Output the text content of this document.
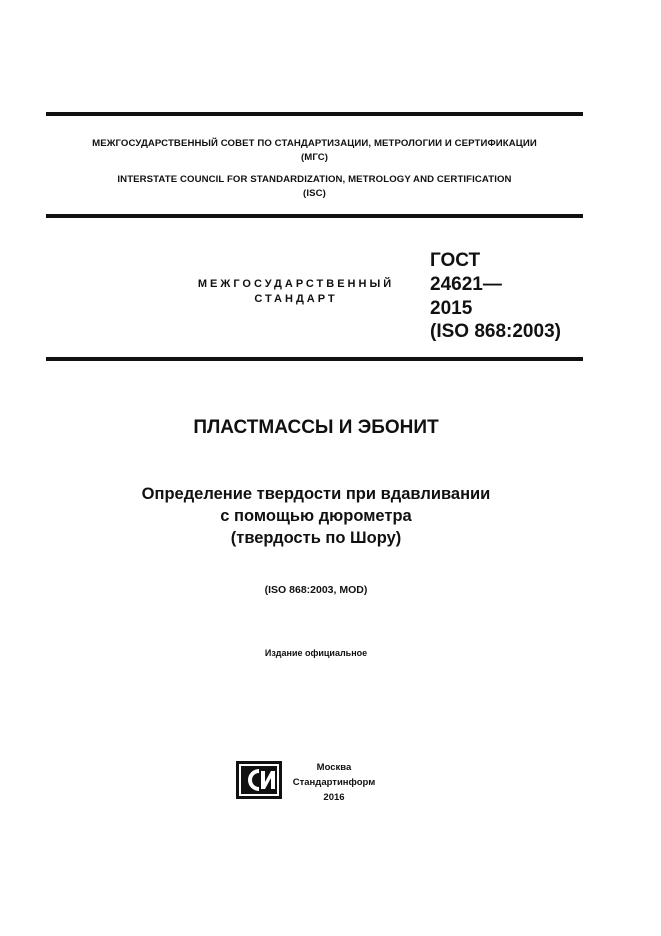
МЕЖГОСУДАРСТВЕННЫЙ СОВЕТ ПО СТАНДАРТИЗАЦИИ, МЕТРОЛОГИИ И СЕРТИФИКАЦИИ
(МГС)
INTERSTATE COUNCIL FOR STANDARDIZATION, METROLOGY AND CERTIFICATION
(ISC)
МЕЖГОСУДАРСТВЕННЫЙ
СТАНДАРТ
ГОСТ
24621—
2015
(ISO 868:2003)
ПЛАСТМАССЫ И ЭБОНИТ
Определение твердости при вдавливании
с помощью дюрометра
(твердость по Шору)
(ISO 868:2003, MOD)
Издание официальное
Москва
Стандартинформ
2016
